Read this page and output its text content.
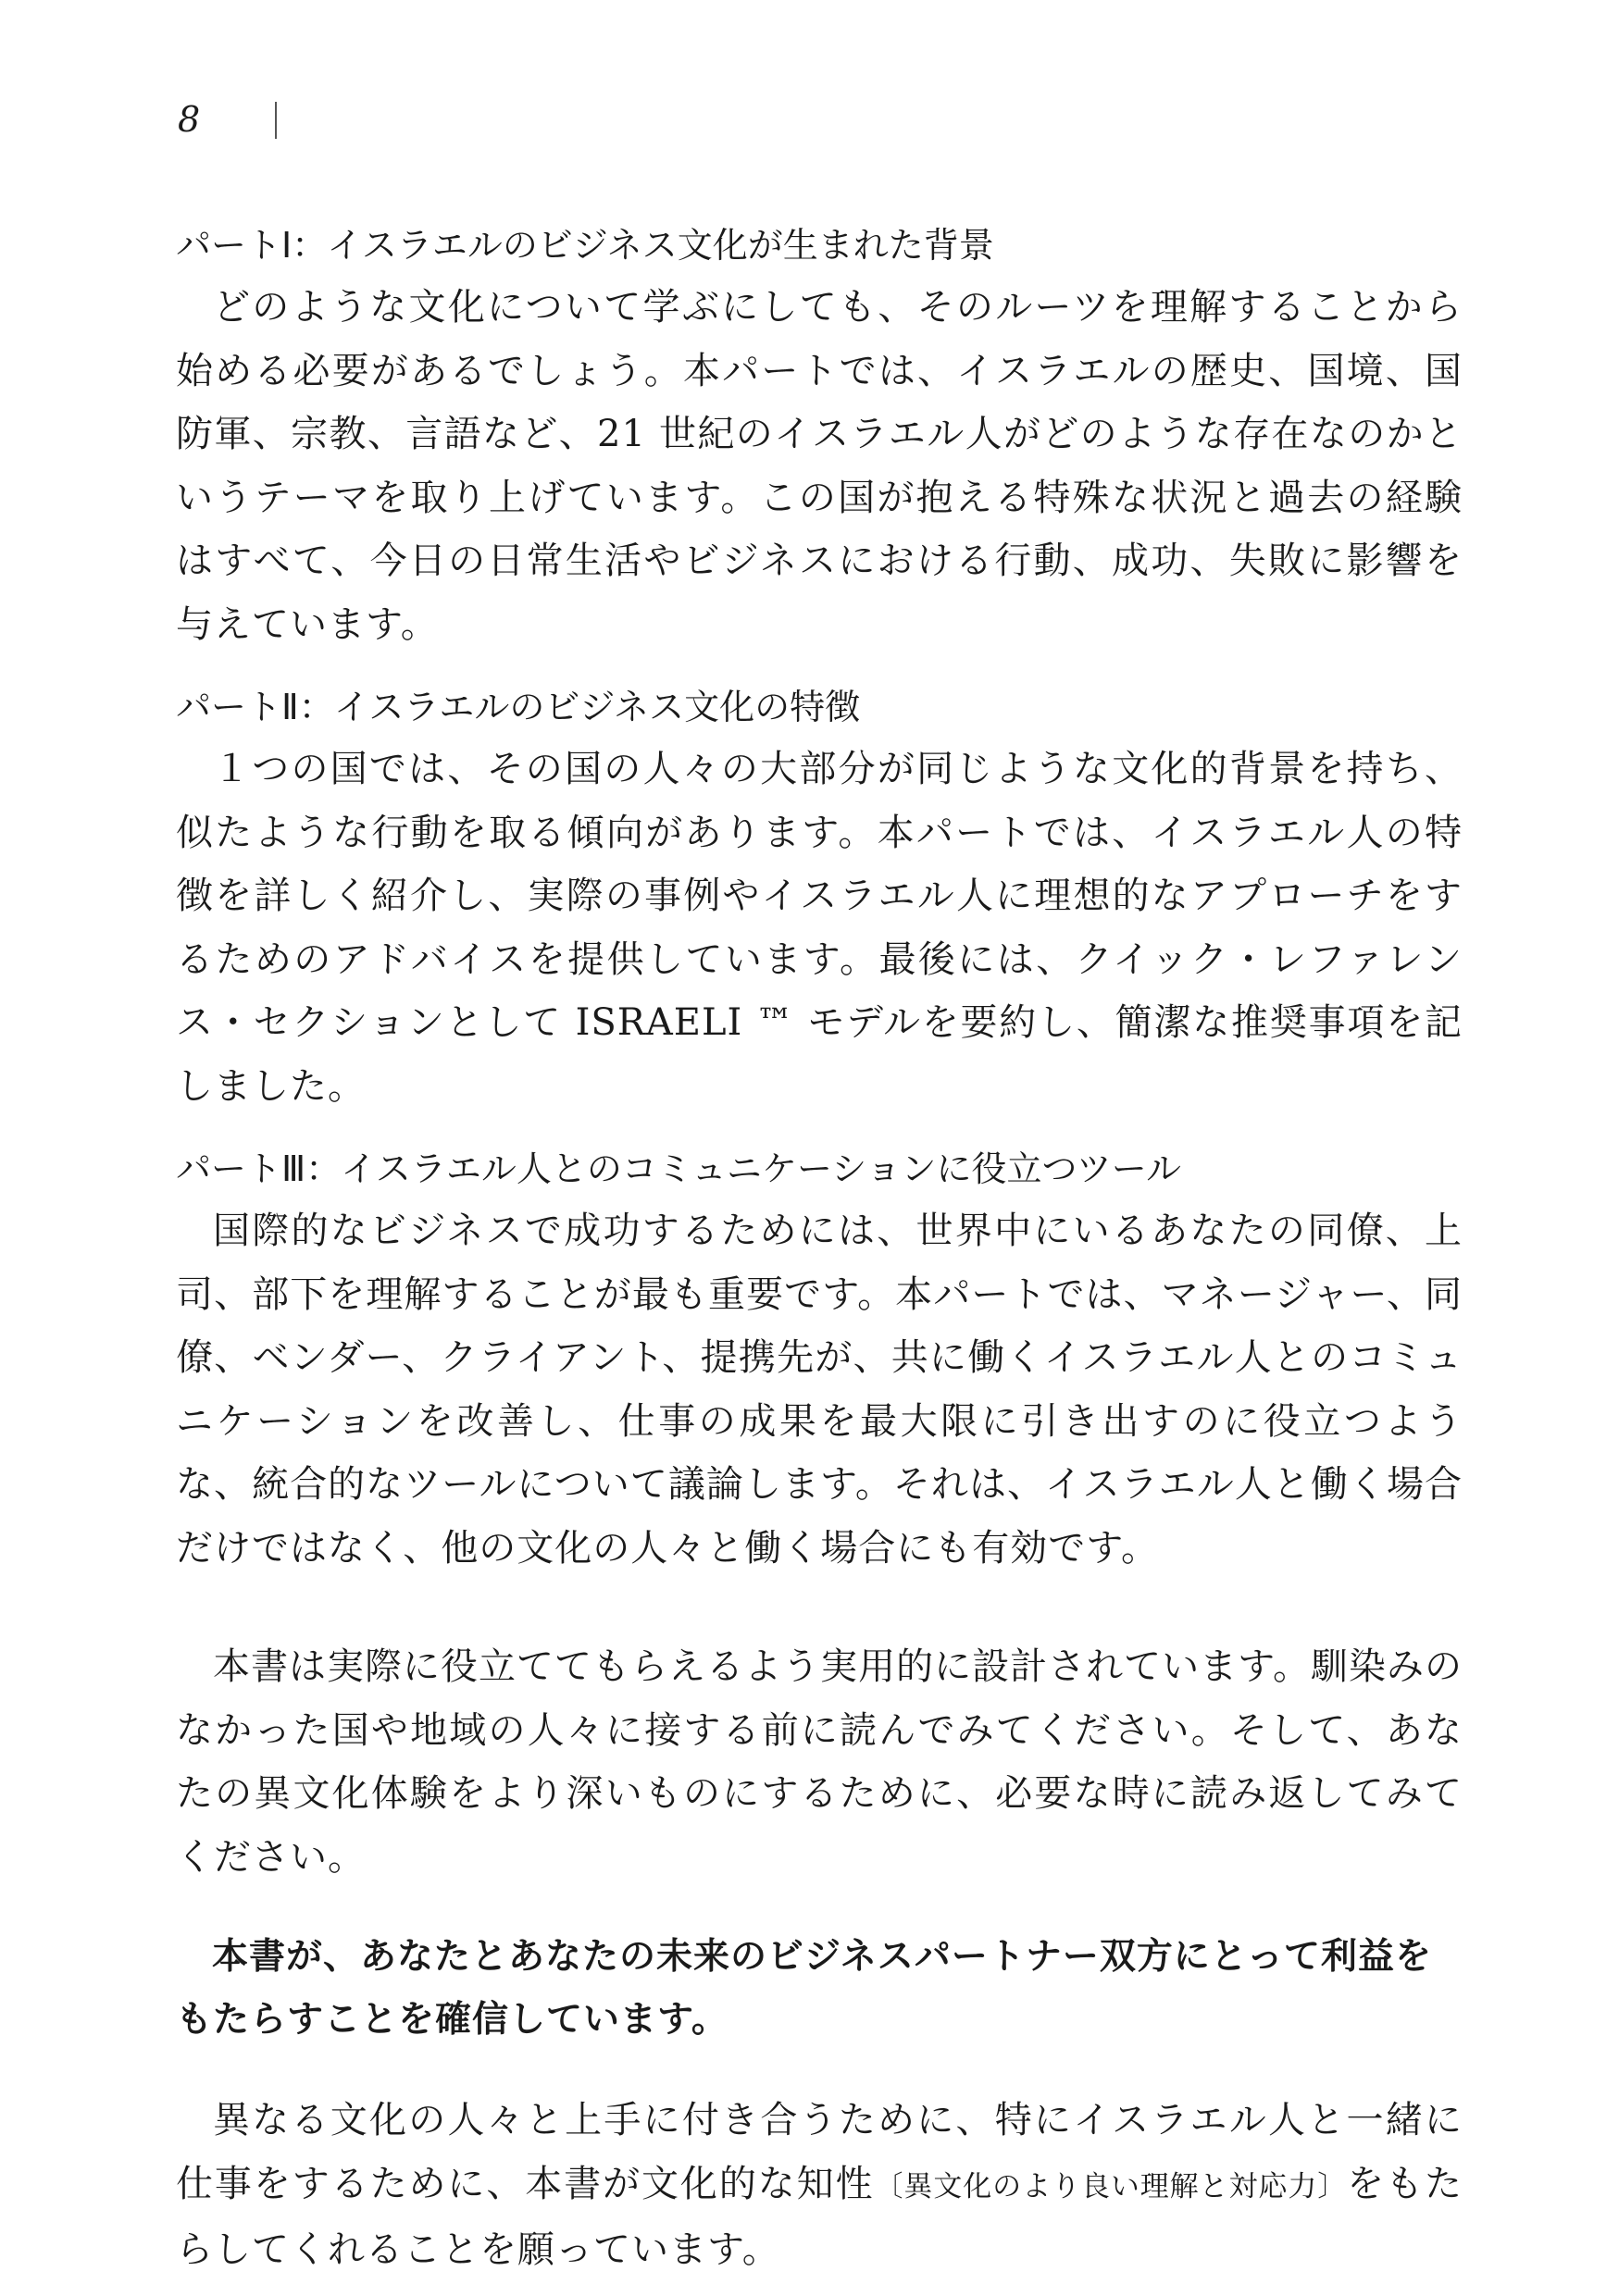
8
パートⅠ：イスラエルのビジネス文化が生まれた背景

どのような文化について学ぶにしても、そのルーツを理解することから始める必要があるでしょう。本パートでは、イスラエルの歴史、国境、国防軍、宗教、言語など、21 世紀のイスラエル人がどのような存在なのかというテーマを取り上げています。この国が抱える特殊な状況と過去の経験はすべて、今日の日常生活やビジネスにおける行動、成功、失敗に影響を与えています。

パートⅡ：イスラエルのビジネス文化の特徴

１つの国では、その国の人々の大部分が同じような文化的背景を持ち、似たような行動を取る傾向があります。本パートでは、イスラエル人の特徴を詳しく紹介し、実際の事例やイスラエル人に理想的なアプローチをするためのアドバイスを提供しています。最後には、クイック・レファレンス・セクションとして ISRAELI ™ モデルを要約し、簡潔な推奨事項を記しました。

パートⅢ：イスラエル人とのコミュニケーションに役立つツール

国際的なビジネスで成功するためには、世界中にいるあなたの同僚、上司、部下を理解することが最も重要です。本パートでは、マネージャー、同僚、ベンダー、クライアント、提携先が、共に働くイスラエル人とのコミュニケーションを改善し、仕事の成果を最大限に引き出すのに役立つような、統合的なツールについて議論します。それは、イスラエル人と働く場合だけではなく、他の文化の人々と働く場合にも有効です。

本書は実際に役立ててもらえるよう実用的に設計されています。馴染みのなかった国や地域の人々に接する前に読んでみてください。そして、あなたの異文化体験をより深いものにするために、必要な時に読み返してみてください。

本書が、あなたとあなたの未来のビジネスパートナー双方にとって利益をもたらすことを確信しています。

異なる文化の人々と上手に付き合うために、特にイスラエル人と一緒に仕事をするために、本書が文化的な知性〔異文化のより良い理解と対応力〕をもたらしてくれることを願っています。
